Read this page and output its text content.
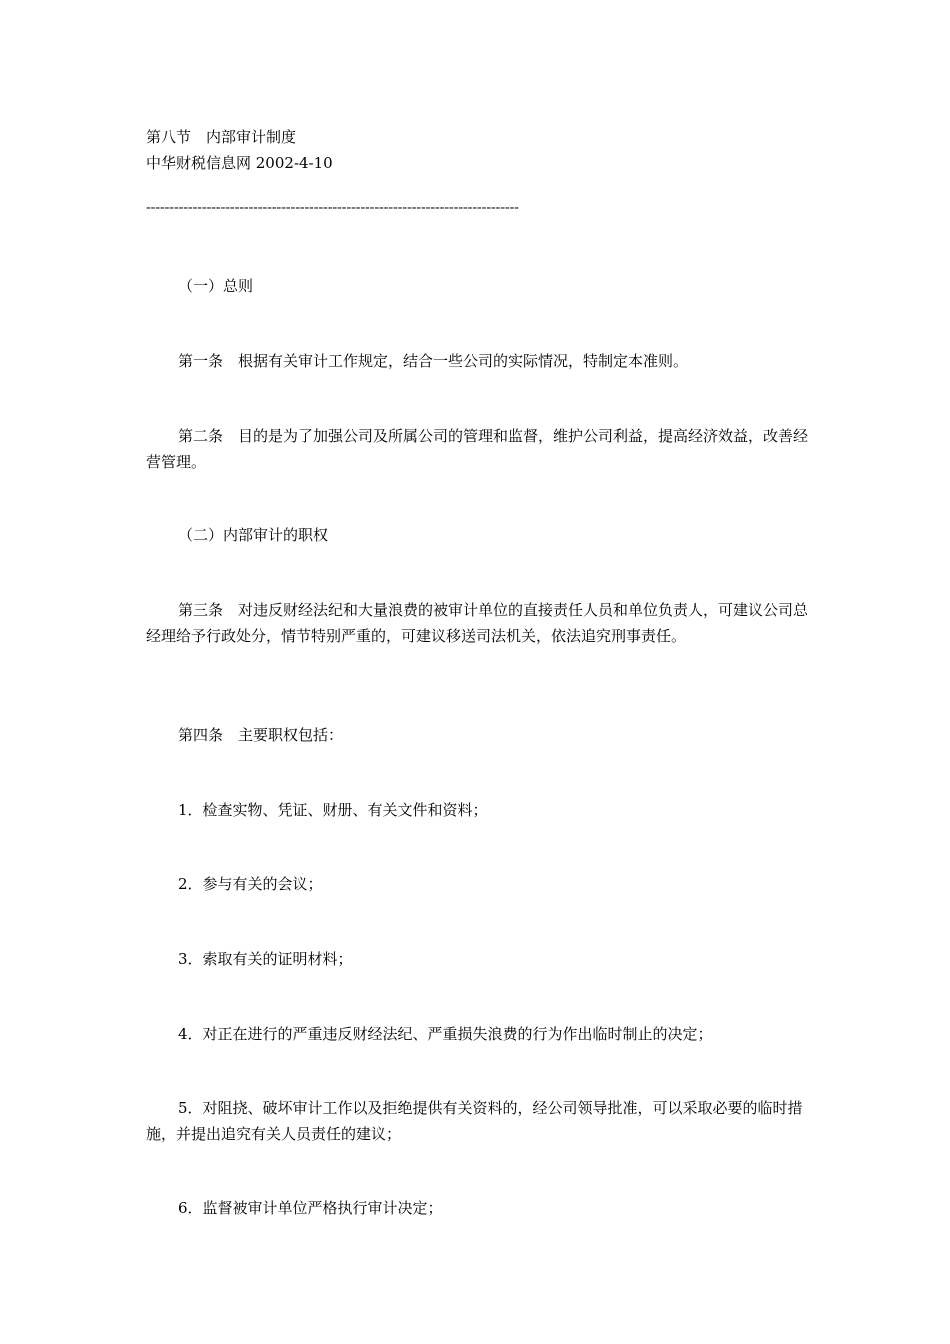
第八节　内部审计制度

中华财税信息网 2002-4-10

--------------------------------------------------------------------------------

（一）总则

第一条　根据有关审计工作规定，结合一些公司的实际情况，特制定本准则。

第二条　目的是为了加强公司及所属公司的管理和监督，维护公司利益，提高经济效益，改善经营管理。

（二）内部审计的职权

第三条　对违反财经法纪和大量浪费的被审计单位的直接责任人员和单位负责人，可建议公司总经理给予行政处分，情节特别严重的，可建议移送司法机关，依法追究刑事责任。

第四条　主要职权包括：

1．检查实物、凭证、财册、有关文件和资料；

2．参与有关的会议；

3．索取有关的证明材料；

4．对正在进行的严重违反财经法纪、严重损失浪费的行为作出临时制止的决定；

5．对阻挠、破坏审计工作以及拒绝提供有关资料的，经公司领导批准，可以采取必要的临时措施，并提出追究有关人员责任的建议；

6．监督被审计单位严格执行审计决定；
